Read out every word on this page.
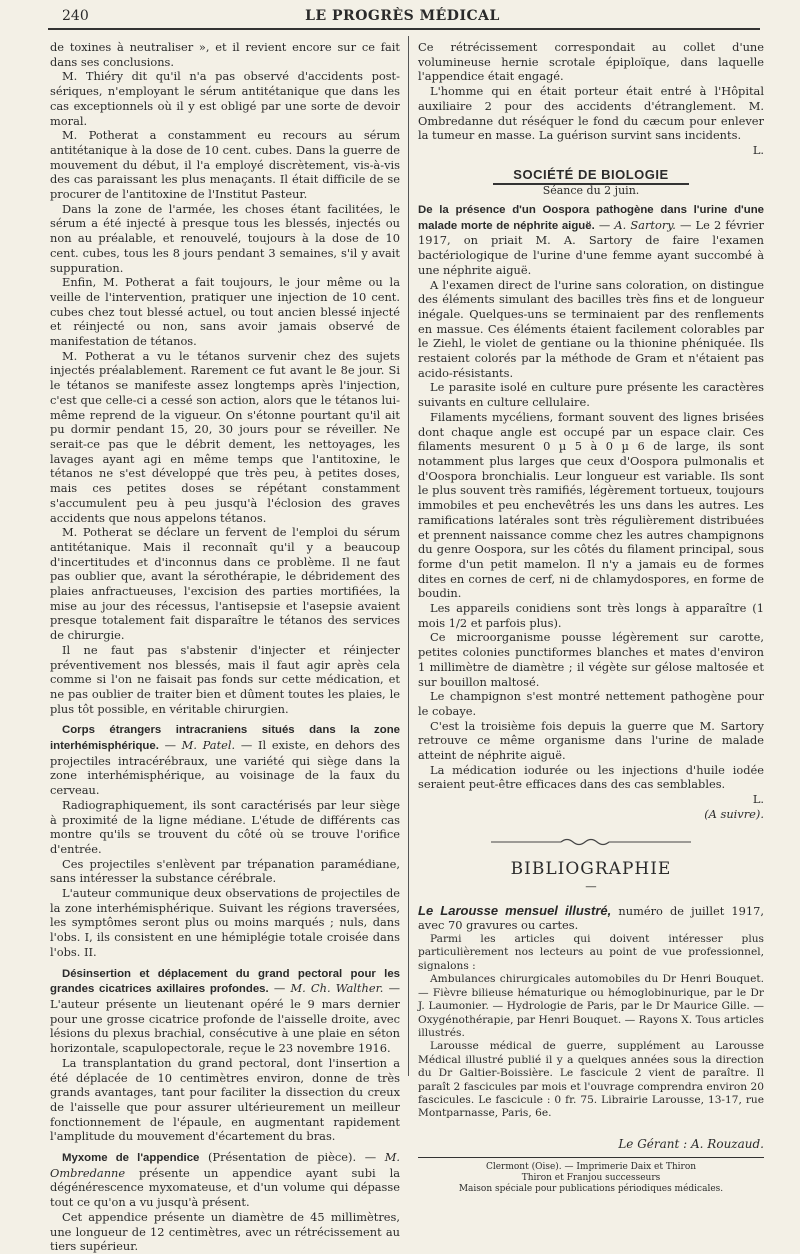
240	LE PROGRÈS MÉDICAL

de toxines à neutraliser », et il revient encore sur ce fait dans ses conclusions.

M. Thiéry dit qu'il n'a pas observé d'accidents post-sériques, n'employant le sérum antitétanique que dans les cas exceptionnels où il y est obligé par une sorte de devoir moral.

M. Potherat a constamment eu recours au sérum antitétanique à la dose de 10 cent. cubes. Dans la guerre de mouvement du début, il l'a employé discrètement, vis-à-vis des cas paraissant les plus menaçants. Il était difficile de se procurer de l'antitoxine de l'Institut Pasteur.

Dans la zone de l'armée, les choses étant facilitées, le sérum a été injecté à presque tous les blessés, injectés ou non au préalable, et renouvelé, toujours à la dose de 10 cent. cubes, tous les 8 jours pendant 3 semaines, s'il y avait suppuration.

Enfin, M. Potherat a fait toujours, le jour même ou la veille de l'intervention, pratiquer une injection de 10 cent. cubes chez tout blessé actuel, ou tout ancien blessé injecté et réinjecté ou non, sans avoir jamais observé de manifestation de tétanos.

M. Potherat a vu le tétanos survenir chez des sujets injectés préalablement. Rarement ce fut avant le 8e jour. Si le tétanos se manifeste assez longtemps après l'injection, c'est que celle-ci a cessé son action, alors que le tétanos lui-même reprend de la vigueur. On s'étonne pourtant qu'il ait pu dormir pendant 15, 20, 30 jours pour se réveiller. Ne serait-ce pas que le débrit dement, les nettoyages, les lavages ayant agi en même temps que l'antitoxine, le tétanos ne s'est développé que très peu, à petites doses, mais ces petites doses se répétant constamment s'accumulent peu à peu jusqu'à l'éclosion des graves accidents que nous appelons tétanos.

M. Potherat se déclare un fervent de l'emploi du sérum antitétanique. Mais il reconnaît qu'il y a beaucoup d'incertitudes et d'inconnus dans ce problème. Il ne faut pas oublier que, avant la sérothérapie, le débridement des plaies anfractueuses, l'excision des parties mortifiées, la mise au jour des récessus, l'antisepsie et l'asepsie avaient presque totalement fait disparaître le tétanos des services de chirurgie.

Il ne faut pas s'abstenir d'injecter et réinjecter préventivement nos blessés, mais il faut agir après cela comme si l'on ne faisait pas fonds sur cette médication, et ne pas oublier de traiter bien et dûment toutes les plaies, le plus tôt possible, en véritable chirurgien.

Corps étrangers intracraniens situés dans la zone interhémisphérique. — M. Patel. — Il existe, en dehors des projectiles intracérébraux, une variété qui siège dans la zone interhémisphérique, au voisinage de la faux du cerveau.

Radiographiquement, ils sont caractérisés par leur siège à proximité de la ligne médiane. L'étude de différents cas montre qu'ils se trouvent du côté où se trouve l'orifice d'entrée.

Ces projectiles s'enlèvent par trépanation paramédiane, sans intéresser la substance cérébrale.

L'auteur communique deux observations de projectiles de la zone interhémisphérique. Suivant les régions traversées, les symptômes seront plus ou moins marqués ; nuls, dans l'obs. I, ils consistent en une hémiplégie totale croisée dans l'obs. II.

Désinsertion et déplacement du grand pectoral pour les grandes cicatrices axillaires profondes. — M. Ch. Walther. — L'auteur présente un lieutenant opéré le 9 mars dernier pour une grosse cicatrice profonde de l'aisselle droite, avec lésions du plexus brachial, consécutive à une plaie en séton horizontale, scapulopectorale, reçue le 23 novembre 1916.

La transplantation du grand pectoral, dont l'insertion a été déplacée de 10 centimètres environ, donne de très grands avantages, tant pour faciliter la dissection du creux de l'aisselle que pour assurer ultérieurement un meilleur fonctionnement de l'épaule, en augmentant rapidement l'amplitude du mouvement d'écartement du bras.

Myxome de l'appendice (Présentation de pièce). — M. Ombredanne présente un appendice ayant subi la dégénérescence myxomateuse, et d'un volume qui dépasse tout ce qu'on a vu jusqu'à présent.

Cet appendice présente un diamètre de 45 millimètres, une longueur de 12 centimètres, avec un rétrécissement au tiers supérieur.

Ce rétrécissement correspondait au collet d'une volumineuse hernie scrotale épiploïque, dans laquelle l'appendice était engagé.

L'homme qui en était porteur était entré à l'Hôpital auxiliaire 2 pour des accidents d'étranglement. M. Ombredanne dut réséquer le fond du cæcum pour enlever la tumeur en masse. La guérison survint sans incidents.

L.
SOCIÉTÉ DE BIOLOGIE
Séance du 2 juin.

De la présence d'un Oospora pathogène dans l'urine d'une malade morte de néphrite aiguë. — A. Sartory. — Le 2 février 1917, on priait M. A. Sartory de faire l'examen bactériologique de l'urine d'une femme ayant succombé à une néphrite aiguë.

A l'examen direct de l'urine sans coloration, on distingue des éléments simulant des bacilles très fins et de longueur inégale. Quelques-uns se terminaient par des renflements en massue. Ces éléments étaient facilement colorables par le Ziehl, le violet de gentiane ou la thionine phéniquée. Ils restaient colorés par la méthode de Gram et n'étaient pas acido-résistants.

Le parasite isolé en culture pure présente les caractères suivants en culture cellulaire.

Filaments mycéliens, formant souvent des lignes brisées dont chaque angle est occupé par un espace clair. Ces filaments mesurent 0 µ 5 à 0 µ 6 de large, ils sont notamment plus larges que ceux d'Oospora pulmonalis et d'Oospora bronchialis. Leur longueur est variable. Ils sont le plus souvent très ramifiés, légèrement tortueux, toujours immobiles et peu enchevêtrés les uns dans les autres. Les ramifications latérales sont très régulièrement distribuées et prennent naissance comme chez les autres champignons du genre Oospora, sur les côtés du filament principal, sous forme d'un petit mamelon. Il n'y a jamais eu de formes dites en cornes de cerf, ni de chlamydospores, en forme de boudin.

Les appareils conidiens sont très longs à apparaître (1 mois 1/2 et parfois plus).

Ce microorganisme pousse légèrement sur carotte, petites colonies punctiformes blanches et mates d'environ 1 millimètre de diamètre ; il végète sur gélose maltosée et sur bouillon maltosé.

Le champignon s'est montré nettement pathogène pour le cobaye.

C'est la troisième fois depuis la guerre que M. Sartory retrouve ce même organisme dans l'urine de malade atteint de néphrite aiguë.

La médication iodurée ou les injections d'huile iodée seraient peut-être efficaces dans des cas semblables.

L.
(A suivre).
BIBLIOGRAPHIE
—

Le Larousse mensuel illustré, numéro de juillet 1917, avec 70 gravures ou cartes.

Parmi les articles qui doivent intéresser plus particulièrement nos lecteurs au point de vue professionnel, signalons :

Ambulances chirurgicales automobiles du Dr Henri Bouquet. — Fièvre bilieuse hématurique ou hémoglobinurique, par le Dr J. Laumonier. — Hydrologie de Paris, par le Dr Maurice Gille. — Oxygénothérapie, par Henri Bouquet. — Rayons X. Tous articles illustrés.

Larousse médical de guerre, supplément au Larousse Médical illustré publié il y a quelques années sous la direction du Dr Galtier-Boissière. Le fascicule 2 vient de paraître. Il paraît 2 fascicules par mois et l'ouvrage comprendra environ 20 fascicules. Le fascicule : 0 fr. 75. Librairie Larousse, 13-17, rue Montparnasse, Paris, 6e.

Le Gérant : A. Rouzaud.
Clermont (Oise). — Imprimerie Daix et Thiron
Thiron et Franjou successeurs
Maison spéciale pour publications périodiques médicales.
